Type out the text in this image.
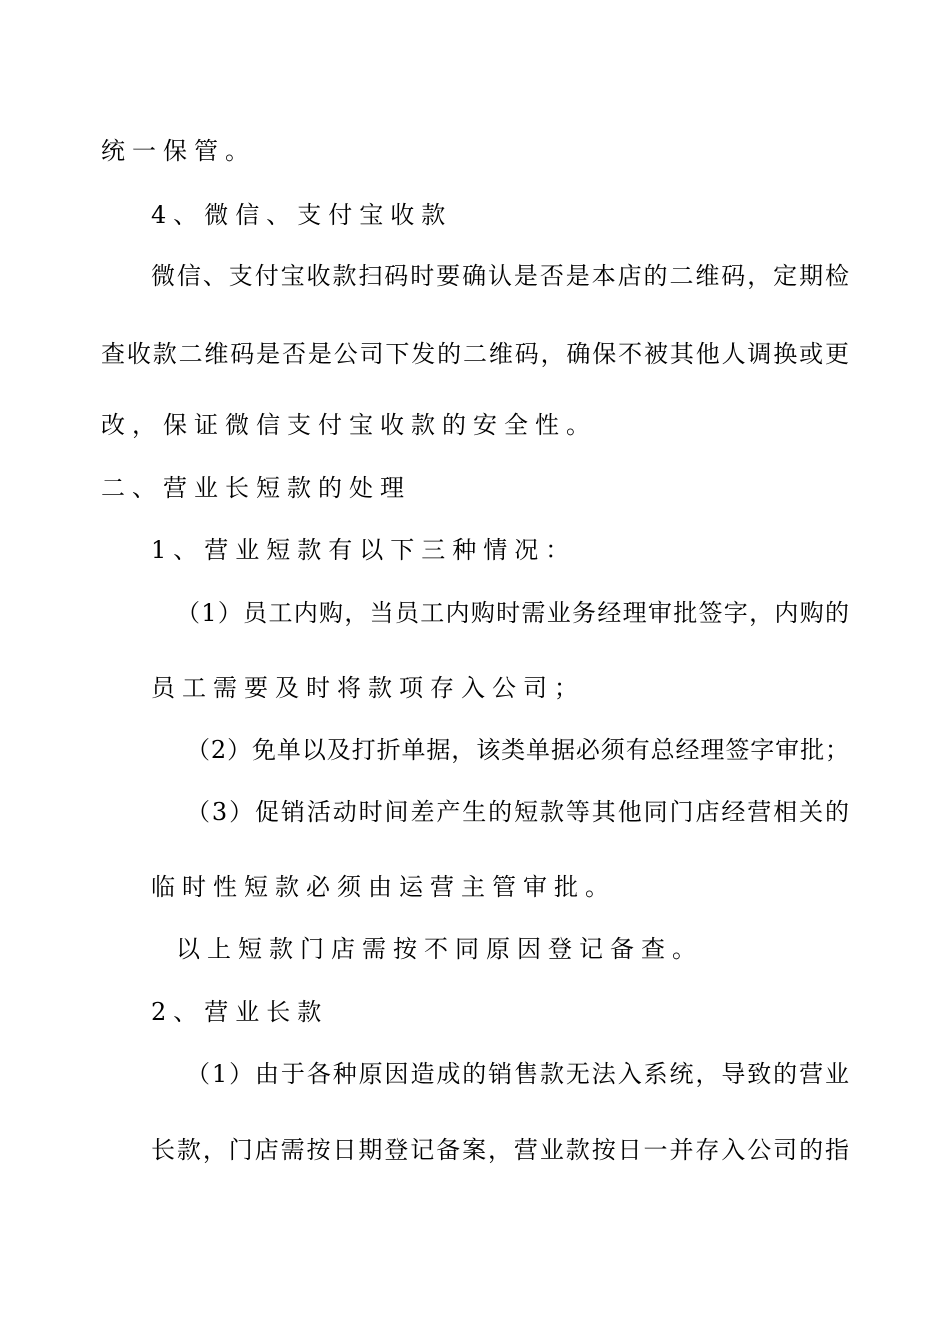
统一保管。
4、微信、支付宝收款
微信、支付宝收款扫码时要确认是否是本店的二维码，定期检
查收款二维码是否是公司下发的二维码，确保不被其他人调换或更
改，保证微信支付宝收款的安全性。
二、营业长短款的处理
1、营业短款有以下三种情况：
（1）员工内购，当员工内购时需业务经理审批签字，内购的
员工需要及时将款项存入公司；
（2）免单以及打折单据，该类单据必须有总经理签字审批；
（3）促销活动时间差产生的短款等其他同门店经营相关的
临时性短款必须由运营主管审批。
以上短款门店需按不同原因登记备查。
2、营业长款
（1）由于各种原因造成的销售款无法入系统，导致的营业
长款，门店需按日期登记备案，营业款按日一并存入公司的指
